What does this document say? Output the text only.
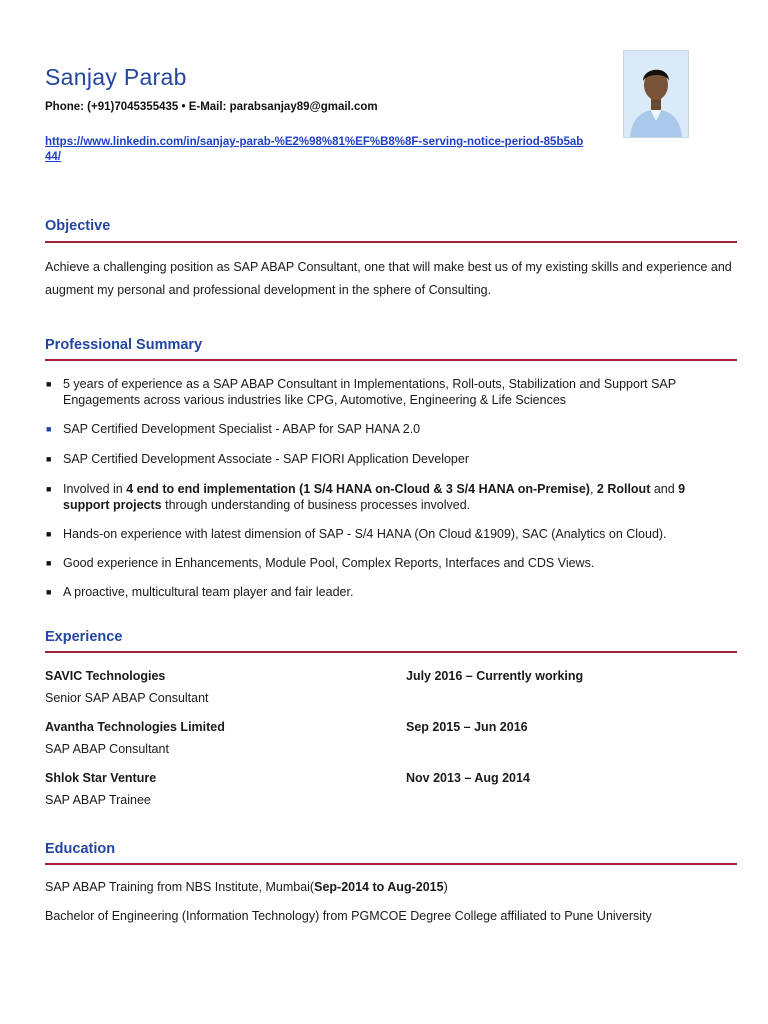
Sanjay Parab
Phone: (+91)7045355435 • E-Mail: parabsanjay89@gmail.com
https://www.linkedin.com/in/sanjay-parab-%E2%98%81%EF%B8%8F-serving-notice-period-85b5ab44/
Objective
Achieve a challenging position as SAP ABAP Consultant, one that will make best us of my existing skills and experience and augment my personal and professional development in the sphere of Consulting.
Professional Summary
■ 5 years of experience as a SAP ABAP Consultant in Implementations, Roll-outs, Stabilization and Support SAP Engagements across various industries like CPG, Automotive, Engineering & Life Sciences
■ SAP Certified Development Specialist - ABAP for SAP HANA 2.0
■ SAP Certified Development Associate - SAP FIORI Application Developer
■ Involved in 4 end to end implementation (1 S/4 HANA on-Cloud & 3 S/4 HANA on-Premise), 2 Rollout and 9 support projects through understanding of business processes involved.
■ Hands-on experience with latest dimension of SAP - S/4 HANA (On Cloud &1909), SAC (Analytics on Cloud).
■ Good experience in Enhancements, Module Pool, Complex Reports, Interfaces and CDS Views.
■ A proactive, multicultural team player and fair leader.
Experience
SAVIC Technologies	July 2016 – Currently working
Senior SAP ABAP Consultant
Avantha Technologies Limited	Sep 2015 – Jun 2016
SAP ABAP Consultant
Shlok Star Venture	Nov 2013 – Aug 2014
SAP ABAP Trainee
Education
SAP ABAP Training from NBS Institute, Mumbai(Sep-2014 to Aug-2015)
Bachelor of Engineering (Information Technology) from PGMCOE Degree College affiliated to Pune University
